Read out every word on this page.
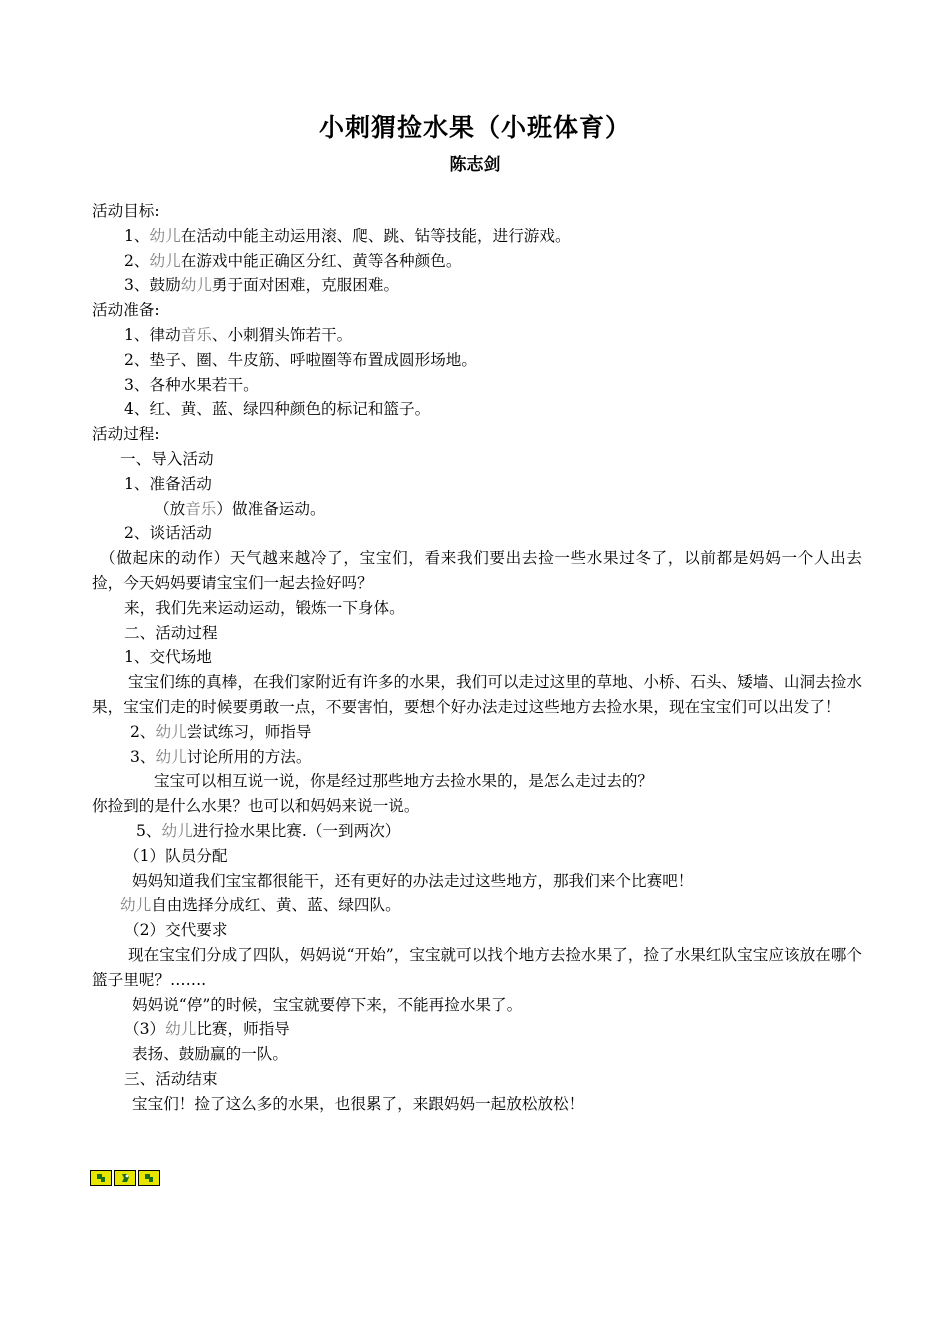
小刺猬捡水果（小班体育）
陈志剑

活动目标:

1、幼儿在活动中能主动运用滚、爬、跳、钻等技能，进行游戏。

2、幼儿在游戏中能正确区分红、黄等各种颜色。

3、鼓励幼儿勇于面对困难，克服困难。

活动准备:

1、律动音乐、小刺猬头饰若干。

2、垫子、圈、牛皮筋、呼啦圈等布置成圆形场地。

3、各种水果若干。

4、红、黄、蓝、绿四种颜色的标记和篮子。

活动过程:

一、导入活动

1、准备活动

（放音乐）做准备运动。

2、谈话活动

（做起床的动作）天气越来越冷了，宝宝们，看来我们要出去捡一些水果过冬了，以前都是妈妈一个人出去捡，今天妈妈要请宝宝们一起去捡好吗？

来，我们先来运动运动，锻炼一下身体。

二、活动过程

1、交代场地

宝宝们练的真棒，在我们家附近有许多的水果，我们可以走过这里的草地、小桥、石头、矮墙、山洞去捡水果，宝宝们走的时候要勇敢一点，不要害怕，要想个好办法走过这些地方去捡水果，现在宝宝们可以出发了！

2、幼儿尝试练习，师指导

3、幼儿讨论所用的方法。

宝宝可以相互说一说，你是经过那些地方去捡水果的，是怎么走过去的？

你捡到的是什么水果？也可以和妈妈来说一说。

5、幼儿进行捡水果比赛.（一到两次）

（1）队员分配

妈妈知道我们宝宝都很能干，还有更好的办法走过这些地方，那我们来个比赛吧！

幼儿自由选择分成红、黄、蓝、绿四队。

（2）交代要求

现在宝宝们分成了四队，妈妈说“开始”，宝宝就可以找个地方去捡水果了，捡了水果红队宝宝应该放在哪个篮子里呢？…….

妈妈说“停”的时候，宝宝就要停下来，不能再捡水果了。

（3）幼儿比赛，师指导

表扬、鼓励赢的一队。

三、活动结束

宝宝们！捡了这么多的水果，也很累了，来跟妈妈一起放松放松！
